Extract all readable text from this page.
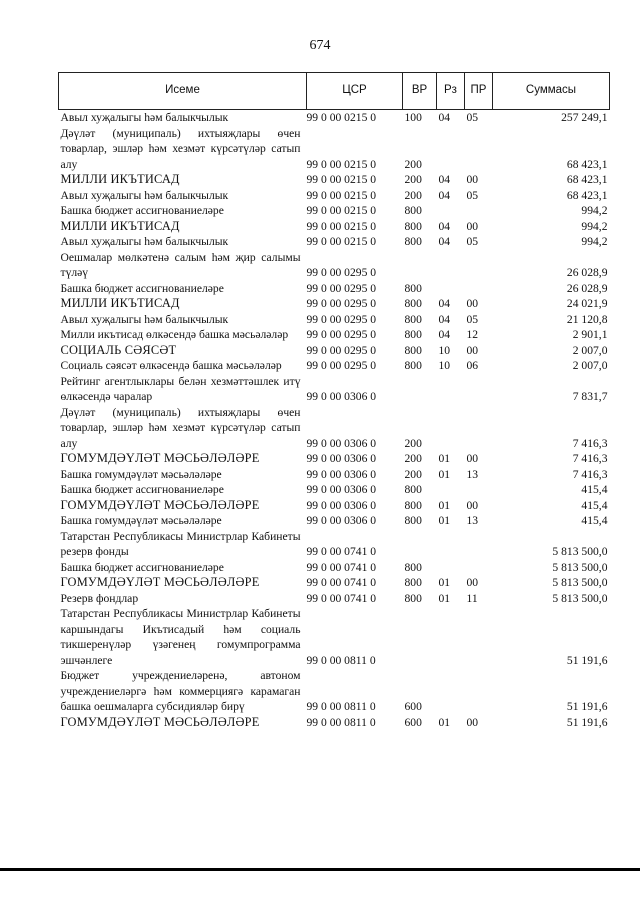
674
Исеме	ЦСР	ВР	Рз	ПР	Суммасы
Авыл хуҗалыгы һәм балыкчылык	99 0 00 0215 0	100	04	05	257 249,1
Дәүләт (муниципаль) ихтыяҗлары өчен товарлар, эшләр һәм хезмәт күрсәтүләр сатып алу	99 0 00 0215 0	200			68 423,1
МИЛЛИ ИКЪТИСАД	99 0 00 0215 0	200	04	00	68 423,1
Авыл хуҗалыгы һәм балыкчылык	99 0 00 0215 0	200	04	05	68 423,1
Башка бюджет ассигнованиеләре	99 0 00 0215 0	800			994,2
МИЛЛИ ИКЪТИСАД	99 0 00 0215 0	800	04	00	994,2
Авыл хуҗалыгы һәм балыкчылык	99 0 00 0215 0	800	04	05	994,2
Оешмалар мөлкәтенә салым һәм җир салымы түләү	99 0 00 0295 0				26 028,9
Башка бюджет ассигнованиеләре	99 0 00 0295 0	800			26 028,9
МИЛЛИ ИКЪТИСАД	99 0 00 0295 0	800	04	00	24 021,9
Авыл хуҗалыгы һәм балыкчылык	99 0 00 0295 0	800	04	05	21 120,8
Милли икътисад өлкәсендә башка мәсьәләләр	99 0 00 0295 0	800	04	12	2 901,1
СОЦИАЛЬ СӘЯСӘТ	99 0 00 0295 0	800	10	00	2 007,0
Социаль сәясәт өлкәсендә башка мәсьәләләр	99 0 00 0295 0	800	10	06	2 007,0
Рейтинг агентлыклары белән хезмәттәшлек итү өлкәсендә чаралар	99 0 00 0306 0				7 831,7
Дәүләт (муниципаль) ихтыяҗлары өчен товарлар, эшләр һәм хезмәт күрсәтүләр сатып алу	99 0 00 0306 0	200			7 416,3
ГОМУМДӘҮЛӘТ МӘСЬӘЛӘЛӘРЕ	99 0 00 0306 0	200	01	00	7 416,3
Башка гомумдәүләт мәсьәләләре	99 0 00 0306 0	200	01	13	7 416,3
Башка бюджет ассигнованиеләре	99 0 00 0306 0	800			415,4
ГОМУМДӘҮЛӘТ МӘСЬӘЛӘЛӘРЕ	99 0 00 0306 0	800	01	00	415,4
Башка гомумдәүләт мәсьәләләре	99 0 00 0306 0	800	01	13	415,4
Татарстан Республикасы Министрлар Кабинеты резерв фонды	99 0 00 0741 0				5 813 500,0
Башка бюджет ассигнованиеләре	99 0 00 0741 0	800			5 813 500,0
ГОМУМДӘҮЛӘТ МӘСЬӘЛӘЛӘРЕ	99 0 00 0741 0	800	01	00	5 813 500,0
Резерв фондлар	99 0 00 0741 0	800	01	11	5 813 500,0
Татарстан Республикасы Министрлар Кабинеты каршындагы Икътисадый һәм социаль тикшеренүләр үзәгенең гомумпрограмма эшчәнлеге	99 0 00 0811 0				51 191,6
Бюджет учреждениеләренә, автоном учреждениеләргә һәм коммерциягә карамаган башка оешмаларга субсидияләр бирү	99 0 00 0811 0	600			51 191,6
ГОМУМДӘҮЛӘТ МӘСЬӘЛӘЛӘРЕ	99 0 00 0811 0	600	01	00	51 191,6
